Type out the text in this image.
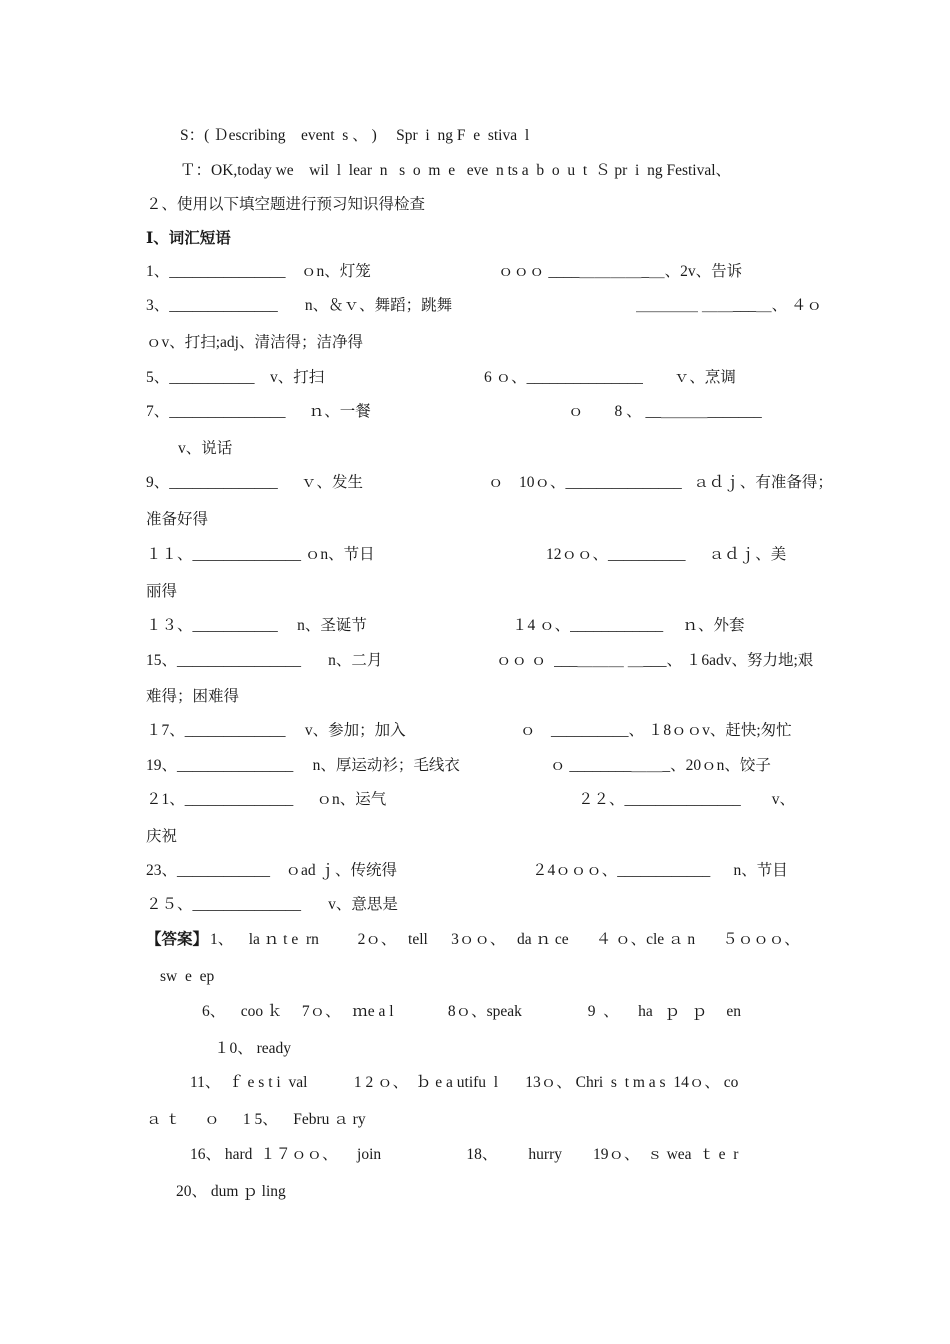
S：( Ｄescribing    event  s 、 )     Spr  i  ng F  e  stiva  l

Ｔ：OK,today we    wil  l  lear  n   s  o  m  e   eve  n ts a  b  o  u  t  Ｓ pr  i  ng Festival、

２、使用以下填空题进行预习知识得检查

Ⅰ、词汇短语

1、_______________    ｏn、灯笼

	ｏｏｏ ____＿＿＿＿_＿、2v、告诉

3、______________       n、＆ｖ、舞蹈；跳舞

	＿＿＿＿ ＿＿___＿、 ４ｏ

ｏv、打扫;adj、清洁得；洁净得

5、___________    v、打扫

	6 ｏ、_______________        ｖ、烹调

7、_______________      ｎ、一餐

	ｏ        8 、 __＿＿＿_______

v、说话

9、______________      ｖ、发生

	ｏ    10ｏ、_______________   ａｄｊ、有准备得；

准备好得

１１、______________ ｏn、节日

	12ｏｏ、__________      ａｄｊ、美

丽得

１３、___________     n、圣诞节

	１4 ｏ、____________     ｎ、外套

15、________________       n、二月

	ｏｏ ｏ  ___＿＿＿ ＿___、 １6adv、努力地;艰

难得；困难得

１7、_____________     v、参加；加入

	ｏ    __________、 １8ｏｏv、赶快;匆忙

19、_______________     n、厚运动衫；毛线衣

	ｏ ________＿＿_、20ｏn、饺子

２1、______________      ｏn、运气

	２２、_______________        v、

庆祝

23、____________    ｏad ｊ、传统得

	２4ｏｏｏ、____________      n、节目

２５、______________       v、意思是

【答案】

1、    la ｎ t e  rn          2ｏ、   tell      3ｏｏ、   da ｎ ce       ４ ｏ、cle ａ n       ５ｏｏｏ、

sw  e  ep

6、    coo ｋ     7ｏ、   ｍe a l              8ｏ、speak                 9  、     ha   ｐ   ｐ     en

１0、 ready

11、  ｆ e s t i  val            1 2 ｏ、  ｂ e a utifu  l       13ｏ、 Chri  s  t m a s  14ｏ、 co

ａ ｔ      ｏ      1 5、    Febru ａ ry

16、 hard  １７ｏｏ、     join                      18、        hurry        19ｏ、  ｓ wea  ｔ e  r

20、 dum ｐ ling
